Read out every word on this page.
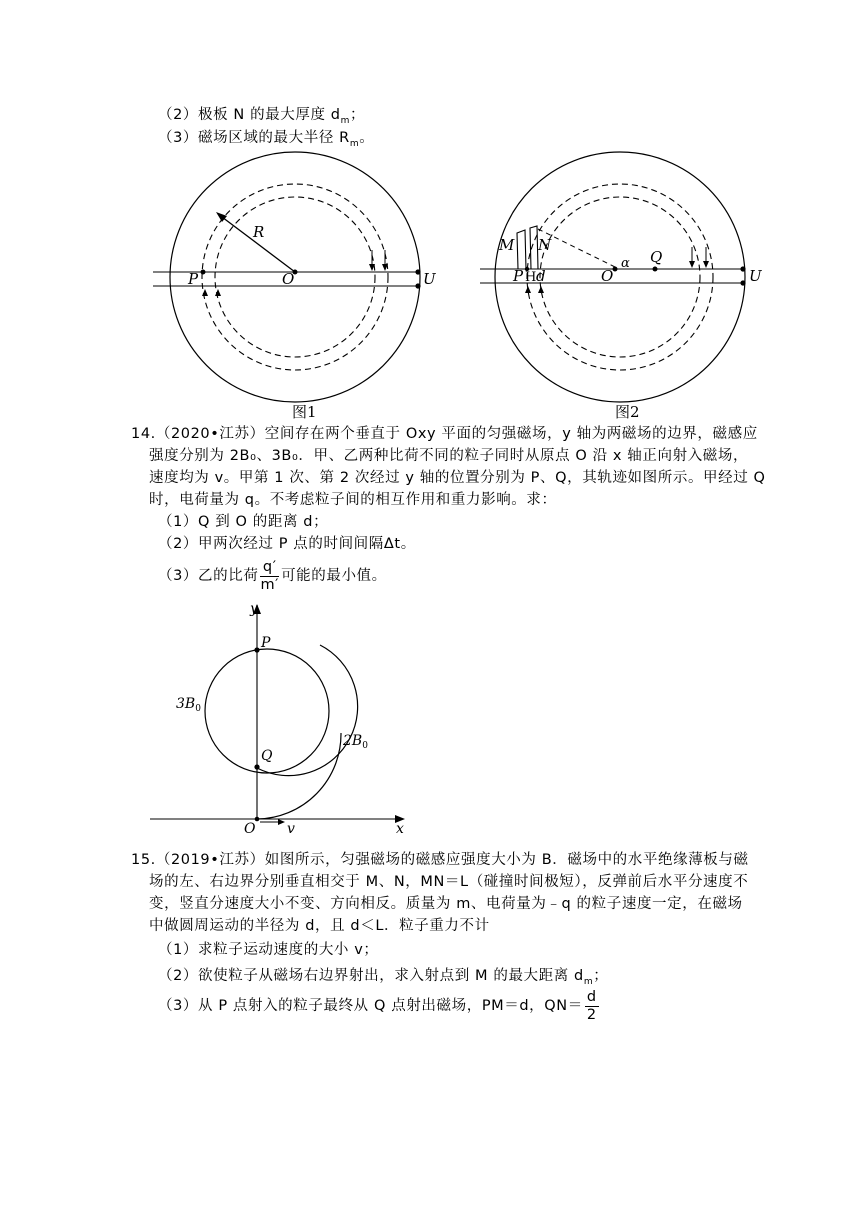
（2）极板 N 的最大厚度 $d_m$；
（3）磁场区域的最大半径 $R_m$。
R
P	O	U
图1
M N
P H d	O
α Q
U
图2
14.（2020•江苏）空间存在两个垂直于 Oxy 平面的匀强磁场，y 轴为两磁场的边界，磁感应
强度分别为 2B₀、3B₀．甲、乙两种比荷不同的粒子同时从原点 O 沿 x 轴正向射入磁场，
速度均为 v。甲第 1 次、第 2 次经过 y 轴的位置分别为 P、Q，其轨迹如图所示。甲经过 Q
时，电荷量为 q。不考虑粒子间的相互作用和重力影响。求：
（1）Q 到 O 的距离 d；
（2）甲两次经过 P 点的时间间隔Δt。
（3）乙的比荷 $\frac{q'}{m'}$ 可能的最小值。
y
P
$3B_0$
Q
$2B_0$
O v	x
15.（2019•江苏）如图所示，匀强磁场的磁感应强度大小为 B．磁场中的水平绝缘薄板与磁
场的左、右边界分别垂直相交于 M、N，MN＝L（碰撞时间极短），反弹前后水平分速度不
变，竖直分速度大小不变、方向相反。质量为 m、电荷量为﹣q 的粒子速度一定，在磁场
中做圆周运动的半径为 d，且 d＜L．粒子重力不计
（1）求粒子运动速度的大小 v；
（2）欲使粒子从磁场右边界射出，求入射点到 M 的最大距离 $d_m$；
（3）从 P 点射入的粒子最终从 Q 点射出磁场，PM＝d，$QN= \frac{d}{2}$
